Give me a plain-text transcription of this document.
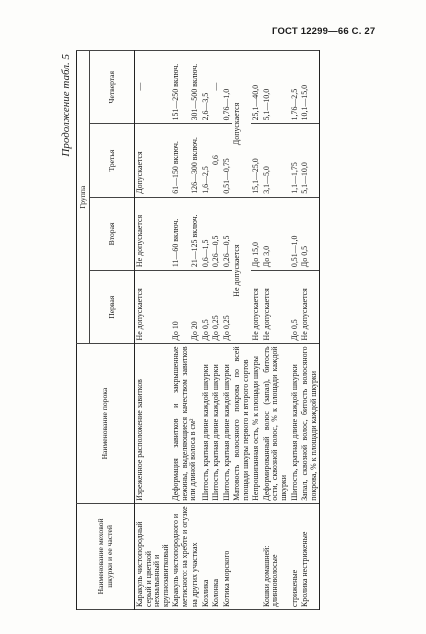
ГОСТ 12299—66 С. 27
Продолжение табл. 5
Наименование меховой шкурки и ее частей	Наименование порока	Группа			
		Первая	Вторая	Третья	Четвертая
Каракуль чистопородный серый и цветной нехвалынный и крупнозавитковый	Изреженное расположение завитков	Не допускается	Не допускается	Допускается	—
Каракуль чистопородного и метисного: на хребте и огузке	Деформация завитков и закрышенные нежины, выделяющиеся качеством завитков или длиной волоса в см²	До 10	11—60 включ.	61—150 включ.	151—250 включ.
на других участках		До 20	21—125 включ.	126—300 включ.	301—500 включ.
Козлика	Шитость, кратная длине каждой шкурки	До 0,5	0,6—1,5	1,6—2,5	2,6—3,5
Колонка	Шитость, кратная длине каждой шкурки	До 0,25	0,26—0,5	0,6	—
Котика морского	Шитость, кратная длине каждой шкурки	До 0,25	0,26—0,5	0,51—0,75	0,76—1,0
	Матовость волосяного покрова по всей площади шкуры первого и второго сортов	Не допускается		Допускается	
	Непрошипанная ость, % к площади шкуры	Не допускается	До 15,0	15,1—25,0	25,1—40,0
Кошки домашней: длинноволосые	Деформированный волос (запал), битость ости, сквозной волос, % к площади каждой шкурки	Не допускается	До 3,0	3,1—5,0	5,1—10,0
стриженые	Шитость, кратная длине каждой шкурки	До 0,5	0,51—1,0	1,1—1,75	1,76—2,5
Кролика нестриженые	Запал, сквозной волос, битость волосяного покрова, % к площади каждой шкурки	Не допускается	До 0,5	5,1—10,0	10,1—15,0
